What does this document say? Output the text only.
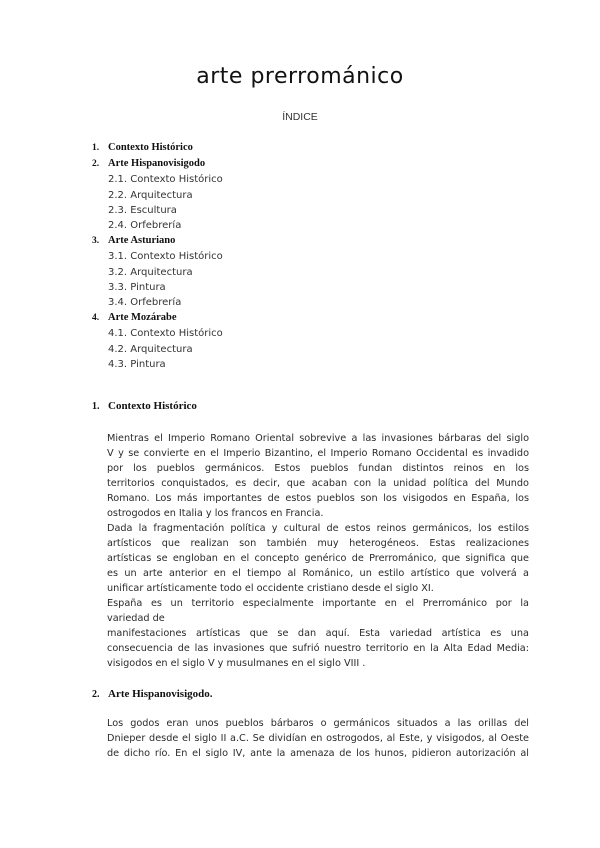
arte prerrománico
ÍNDICE
1. Contexto Histórico
2. Arte Hispanovisigodo
2.1. Contexto Histórico
2.2. Arquitectura
2.3. Escultura
2.4. Orfebrería
3. Arte Asturiano
3.1. Contexto Histórico
3.2. Arquitectura
3.3. Pintura
3.4. Orfebrería
4. Arte Mozárabe
4.1. Contexto Histórico
4.2. Arquitectura
4.3. Pintura
1. Contexto Histórico
Mientras el Imperio Romano Oriental sobrevive a las invasiones bárbaras del siglo
V y se convierte en el Imperio Bizantino, el Imperio Romano Occidental es invadido
por los pueblos germánicos. Estos pueblos fundan distintos reinos en los
territorios conquistados, es decir, que acaban con la unidad política del Mundo
Romano. Los más importantes de estos pueblos son los visigodos en España, los
ostrogodos en Italia y los francos en Francia.
Dada la fragmentación política y cultural de estos reinos germánicos, los estilos
artísticos que realizan son también muy heterogéneos. Estas realizaciones
artísticas se engloban en el concepto genérico de Prerrománico, que significa que
es un arte anterior en el tiempo al Románico, un estilo artístico que volverá a
unificar artísticamente todo el occidente cristiano desde el siglo XI.
España es un territorio especialmente importante en el Prerrománico por la
variedad de
manifestaciones artísticas que se dan aquí. Esta variedad artística es una
consecuencia de las invasiones que sufrió nuestro territorio en la Alta Edad Media:
visigodos en el siglo V y musulmanes en el siglo VIII .
2. Arte Hispanovisigodo.
Los godos eran unos pueblos bárbaros o germánicos situados a las orillas del
Dnieper desde el siglo II a.C. Se dividían en ostrogodos, al Este, y visigodos, al Oeste
de dicho río. En el siglo IV, ante la amenaza de los hunos, pidieron autorización al
